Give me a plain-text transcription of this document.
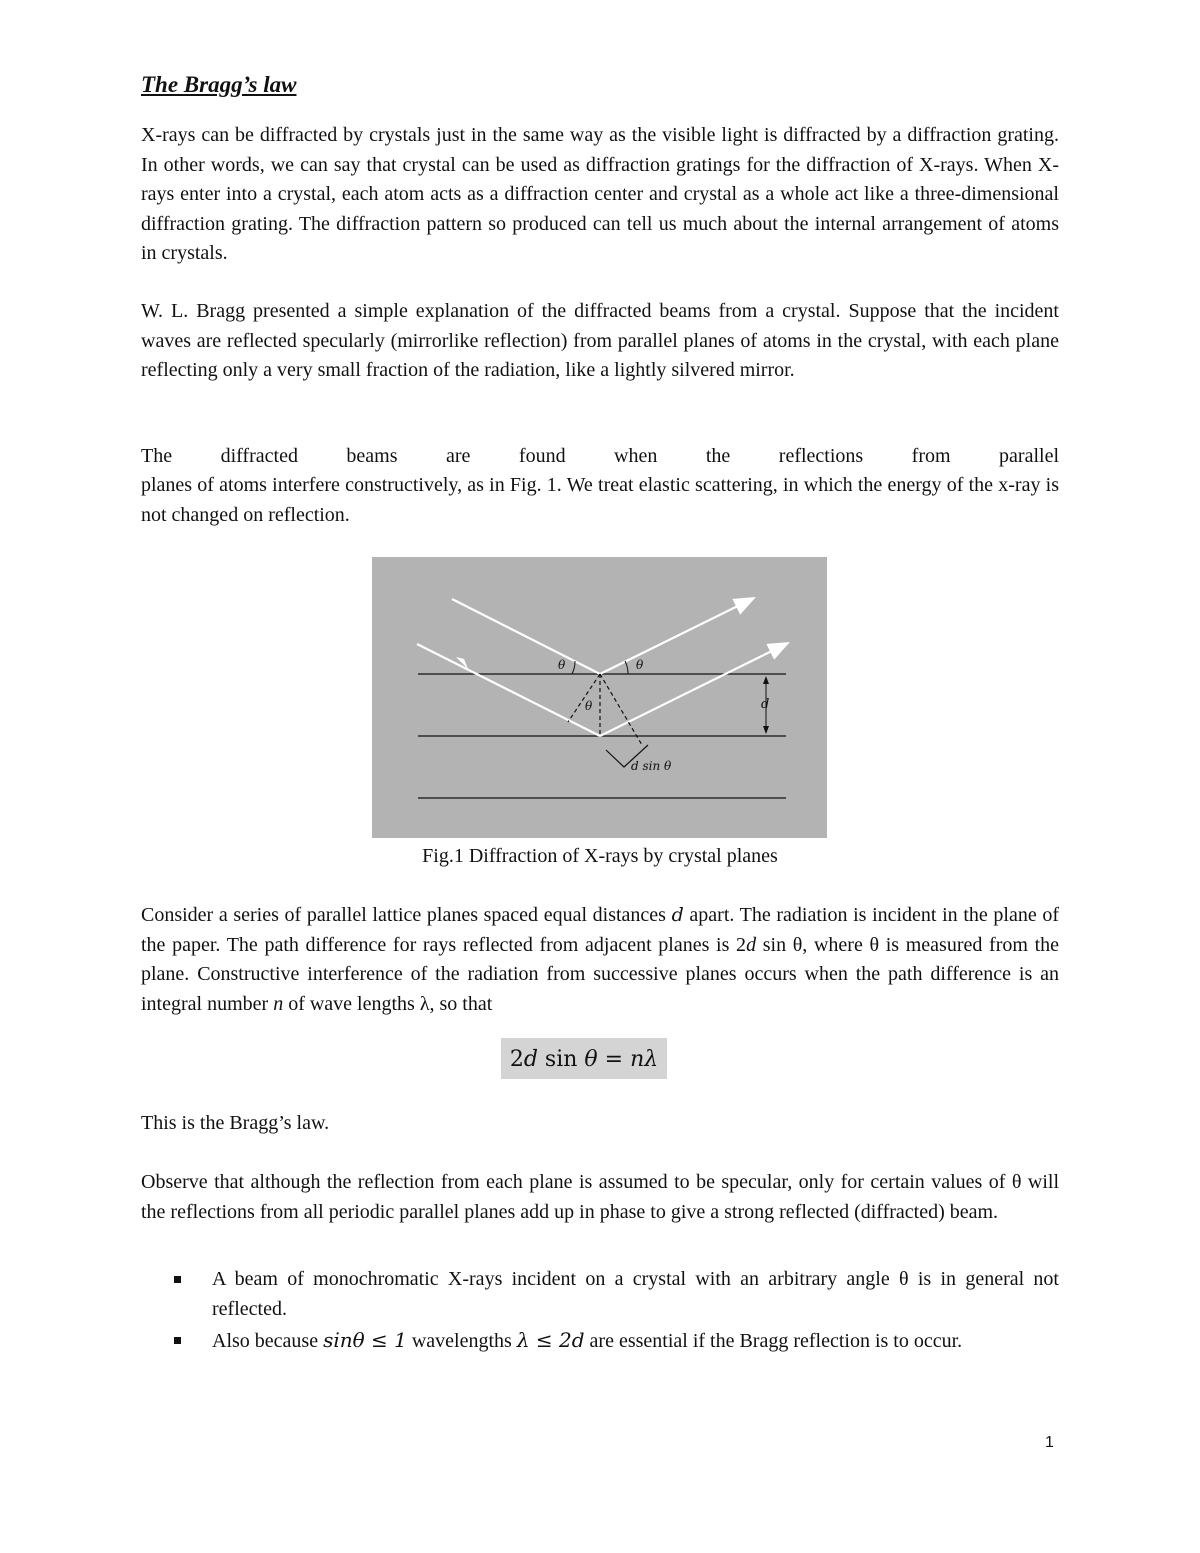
The Bragg’s law

X-rays can be diffracted by crystals just in the same way as the visible light is diffracted by a diffraction grating. In other words, we can say that crystal can be used as diffraction gratings for the diffraction of X-rays. When X-rays enter into a crystal, each atom acts as a diffraction center and crystal as a whole act like a three-dimensional diffraction grating. The diffraction pattern so produced can tell us much about the internal arrangement of atoms in crystals.

W. L. Bragg presented a simple explanation of the diffracted beams from a crystal. Suppose that the incident waves are reflected specularly (mirrorlike reflection) from parallel planes of atoms in the crystal, with each plane reflecting only a very small fraction of the radiation, like a lightly silvered mirror.

The diffracted beams are found when the reflections from parallel

planes of atoms interfere constructively, as in Fig. 1. We treat elastic scattering, in which the energy of the x-ray is not changed on reflection.

θ	θ
θ	d
d sin θ

Fig.1 Diffraction of X-rays by crystal planes

Consider a series of parallel lattice planes spaced equal distances d apart. The radiation is incident in the plane of the paper. The path difference for rays reflected from adjacent planes is 2d sin θ, where θ is measured from the plane. Constructive interference of the radiation from successive planes occurs when the path difference is an integral number n of wave lengths λ, so that

2d sin θ = nλ

This is the Bragg’s law.

Observe that although the reflection from each plane is assumed to be specular, only for certain values of θ will the reflections from all periodic parallel planes add up in phase to give a strong reflected (diffracted) beam.

A beam of monochromatic X-rays incident on a crystal with an arbitrary angle θ is in general not reflected.
Also because sinθ ≤ 1 wavelengths λ ≤ 2d are essential if the Bragg reflection is to occur.

1
